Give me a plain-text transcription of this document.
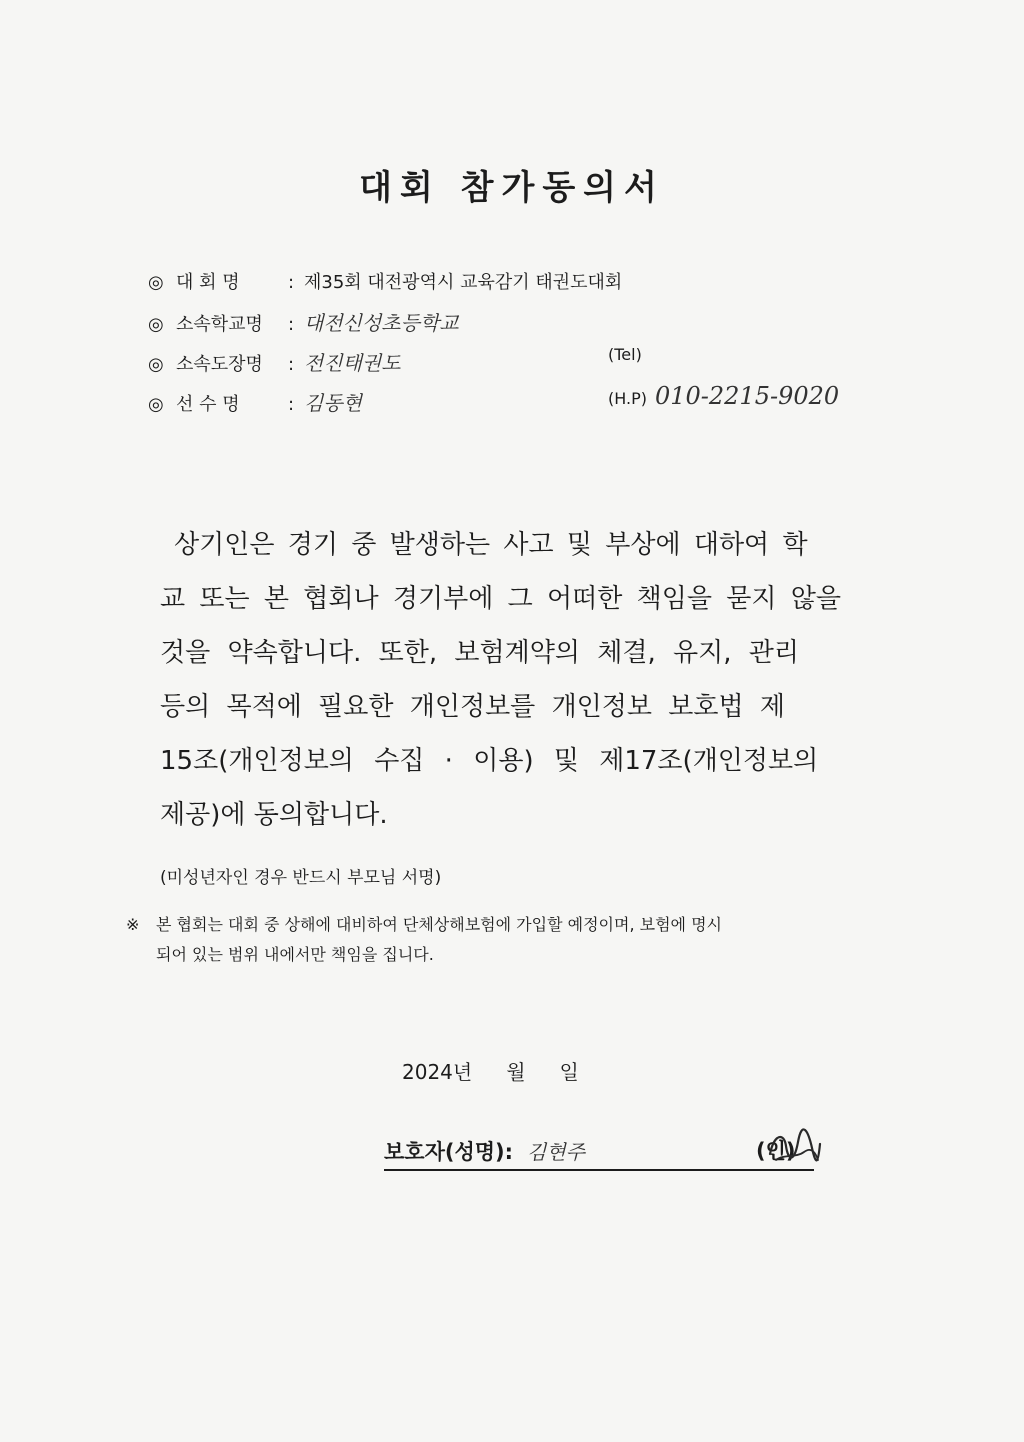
대회 참가동의서
◎ 대 회 명	: 제35회 대전광역시 교육감기 태권도대회
◎ 소속학교명 : 대전신성초등학교
◎ 소속도장명 : 전진태권도
◎ 선 수 명	: 김동현
(Tel)
(H.P) 010-2215-9020

상기인은 경기 중 발생하는 사고 및 부상에 대하여 학

교 또는 본 협회나 경기부에 그 어떠한 책임을 묻지 않을

것을 약속합니다. 또한, 보험계약의 체결, 유지, 관리

등의 목적에 필요한 개인정보를 개인정보 보호법 제

15조(개인정보의 수집 · 이용) 및 제17조(개인정보의

제공)에 동의합니다.

(미성년자인 경우 반드시 부모님 서명)
※ 본 협회는 대회 중 상해에 대비하여 단체상해보험에 가입할 예정이며, 보험에 명시
되어 있는 범위 내에서만 책임을 집니다.
2024년 월 일
보호자(성명): 김현주	(인)
